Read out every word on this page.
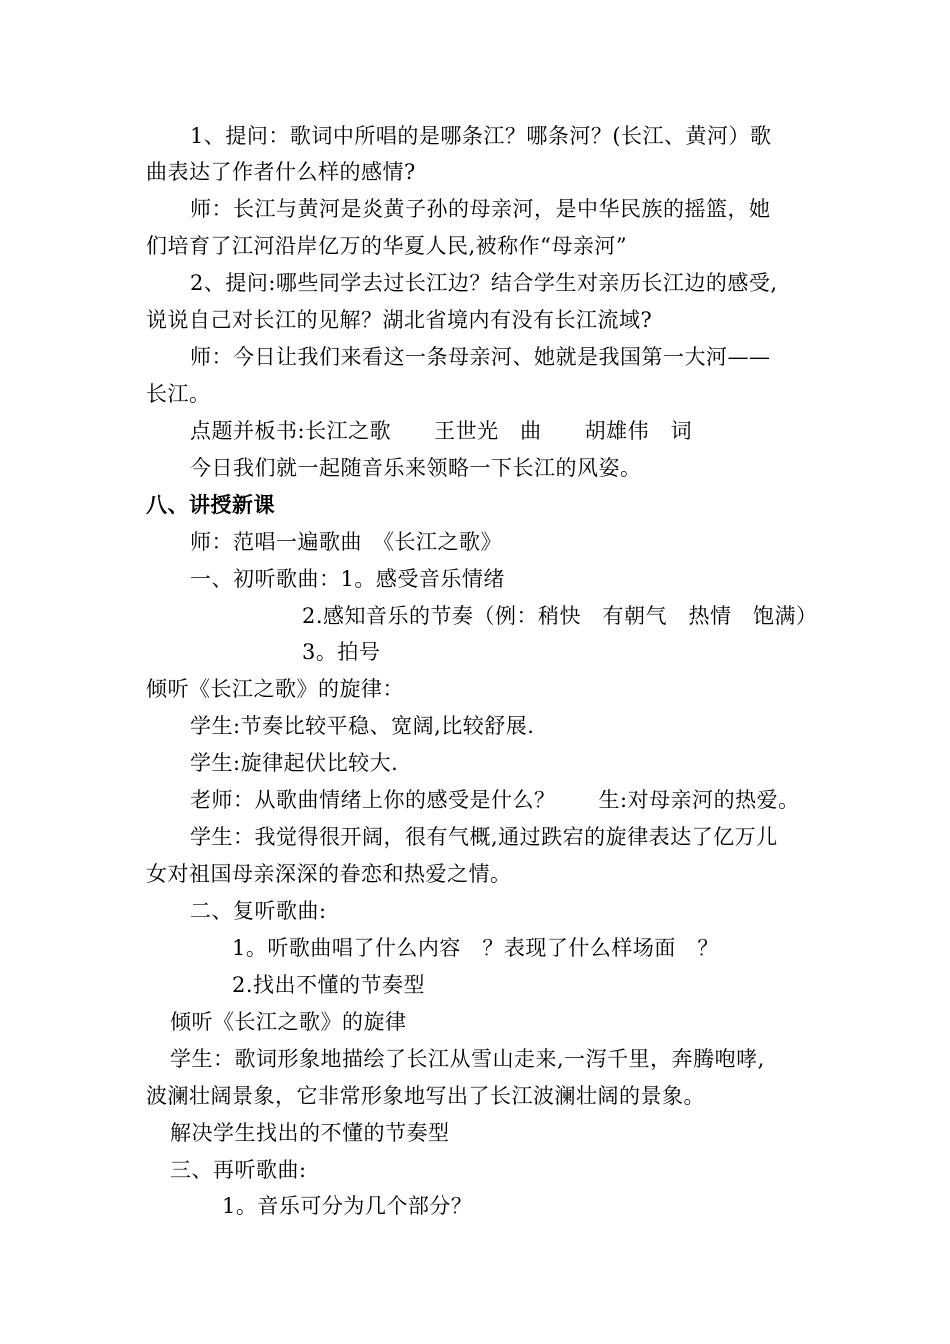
1、提问：歌词中所唱的是哪条江？哪条河？(长江、黄河）歌
曲表达了作者什么样的感情?
师：长江与黄河是炎黄子孙的母亲河，是中华民族的摇篮，她
们培育了江河沿岸亿万的华夏人民,被称作“母亲河”
2、提问:哪些同学去过长江边？结合学生对亲历长江边的感受,
说说自己对长江的见解？湖北省境内有没有长江流域?
师：今日让我们来看这一条母亲河、她就是我国第一大河——
长江。
点题并板书:长江之歌　　王世光　曲　　胡雄伟　词
今日我们就一起随音乐来领略一下长江的风姿。
八、讲授新课
师：范唱一遍歌曲　《长江之歌》
一、初听歌曲：1。感受音乐情绪
2.感知音乐的节奏（例：稍快　有朝气　热情　饱满）
3。拍号
倾听《长江之歌》的旋律：
学生:节奏比较平稳、宽阔,比较舒展.
学生:旋律起伏比较大.
老师：从歌曲情绪上你的感受是什么？　　生:对母亲河的热爱。
学生：我觉得很开阔，很有气概,通过跌宕的旋律表达了亿万儿
女对祖国母亲深深的眷恋和热爱之情。
二、复听歌曲:
1。听歌曲唱了什么内容　？表现了什么样场面　？
2.找出不懂的节奏型
倾听《长江之歌》的旋律
学生：歌词形象地描绘了长江从雪山走来,一泻千里，奔腾咆哮,
波澜壮阔景象，它非常形象地写出了长江波澜壮阔的景象。
解决学生找出的不懂的节奏型
三、再听歌曲:
1。音乐可分为几个部分？
